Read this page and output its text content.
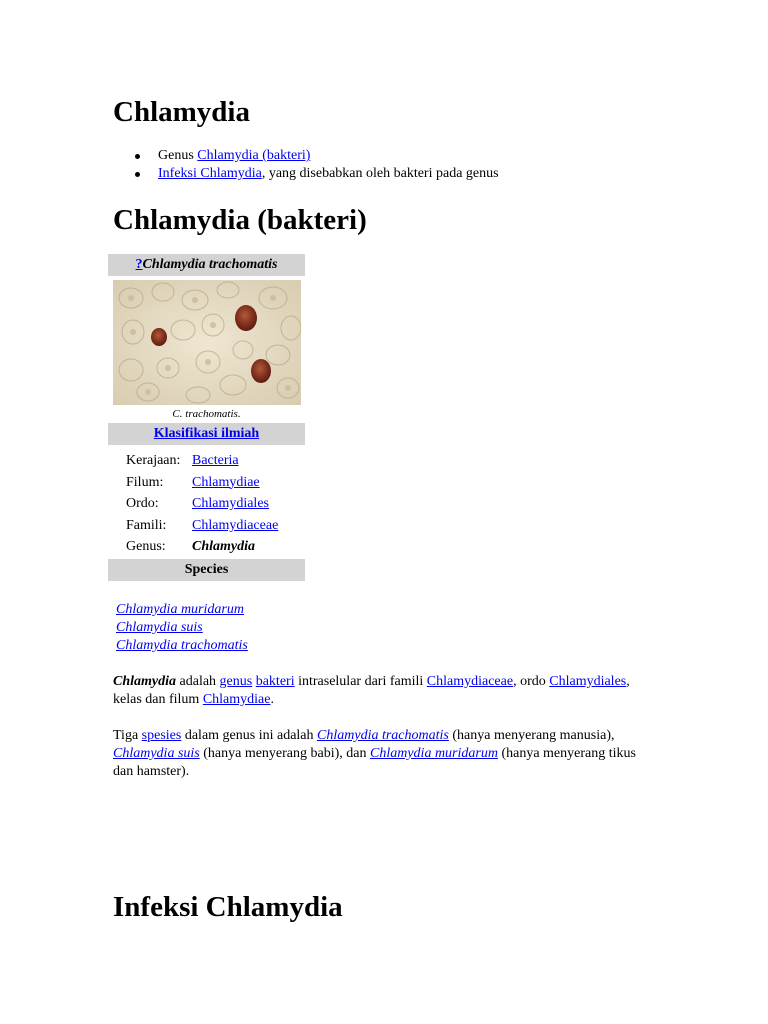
Chlamydia
Genus Chlamydia (bakteri)
Infeksi Chlamydia, yang disebabkan oleh bakteri pada genus
Chlamydia (bakteri)
?Chlamydia trachomatis
C. trachomatis.
Klasifikasi ilmiah
Kerajaan: Bacteria
Filum: Chlamydiae
Ordo: Chlamydiales
Famili: Chlamydiaceae
Genus: Chlamydia
Species
Chlamydia muridarum
Chlamydia suis
Chlamydia trachomatis

Chlamydia adalah genus bakteri intraselular dari famili Chlamydiaceae, ordo Chlamydiales, kelas dan filum Chlamydiae.

Tiga spesies dalam genus ini adalah Chlamydia trachomatis (hanya menyerang manusia), Chlamydia suis (hanya menyerang babi), dan Chlamydia muridarum (hanya menyerang tikus dan hamster).

Infeksi Chlamydia
